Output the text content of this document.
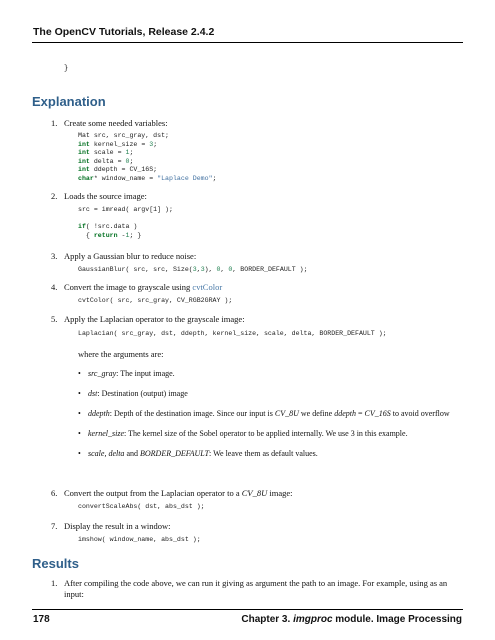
The OpenCV Tutorials, Release 2.4.2
}
Explanation
1. Create some needed variables:
Mat src, src_gray, dst;
int kernel_size = 3;
int scale = 1;
int delta = 0;
int ddepth = CV_16S;
char* window_name = "Laplace Demo";
2. Loads the source image:
src = imread( argv[1] );

if( !src.data )
{ return -1; }
3. Apply a Gaussian blur to reduce noise:
GaussianBlur( src, src, Size(3,3), 0, 0, BORDER_DEFAULT );
4. Convert the image to grayscale using cvtColor
cvtColor( src, src_gray, CV_RGB2GRAY );
5. Apply the Laplacian operator to the grayscale image:
Laplacian( src_gray, dst, ddepth, kernel_size, scale, delta, BORDER_DEFAULT );
where the arguments are:
• src_gray: The input image.
• dst: Destination (output) image
• ddepth: Depth of the destination image. Since our input is CV_8U we define ddepth = CV_16S to avoid overflow
• kernel_size: The kernel size of the Sobel operator to be applied internally. We use 3 in this example.
• scale, delta and BORDER_DEFAULT: We leave them as default values.
6. Convert the output from the Laplacian operator to a CV_8U image:
convertScaleAbs( dst, abs_dst );
7. Display the result in a window:
imshow( window_name, abs_dst );
Results
1. After compiling the code above, we can run it giving as argument the path to an image. For example, using as an input:
178	Chapter 3. imgproc module. Image Processing
